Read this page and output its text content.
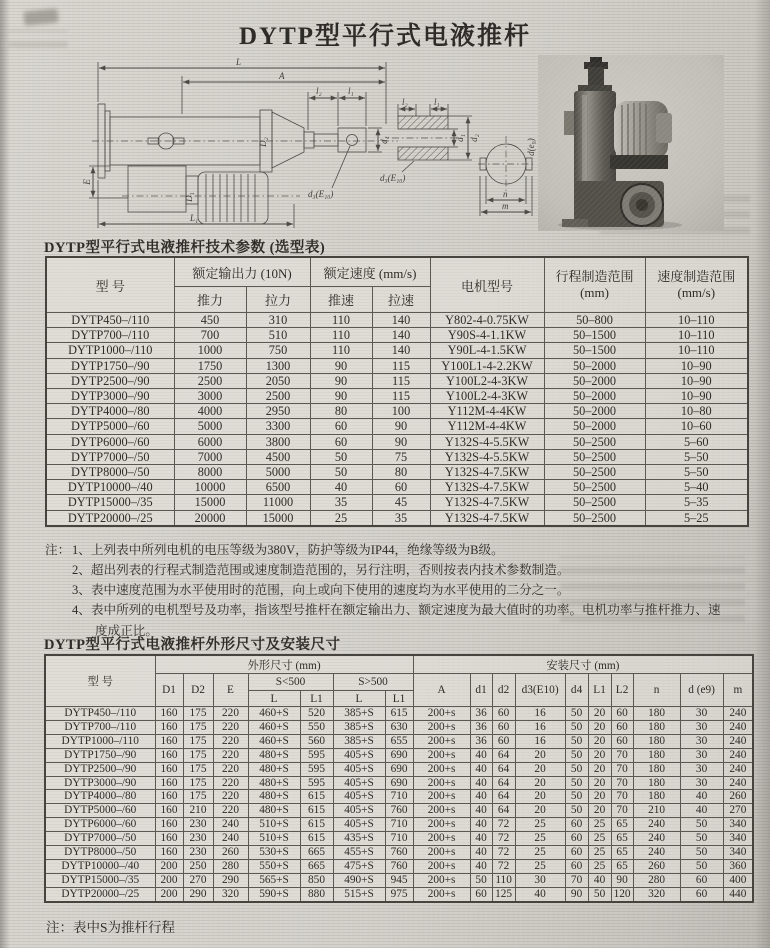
DYTP型平行式电液推杆
L
A
l₂	l₁
d₄
d₃(E₁₀)
D₂
D₁
E
L₁
l₂	l₁
d₁ d₂
d₃(E₁₀)
n
m
d(e₉)
DYTP型平行式电液推杆技术参数 (选型表)
型 号	额定输出力 (10N)	额定速度 (mm/s)	电机型号	
行程制造范围
(mm)

速度制造范围
(mm/s)

	推力	拉力	推速	拉速			
DYTP450–/110	450	310	110	140	Y802-4-0.75KW	50–800	10–110
DYTP700–/110	700	510	110	140	Y90S-4-1.1KW	50–1500	10–110
DYTP1000–/110	1000	750	110	140	Y90L-4-1.5KW	50–1500	10–110
DYTP1750–/90	1750	1300	90	115	Y100L1-4-2.2KW	50–2000	10–90
DYTP2500–/90	2500	2050	90	115	Y100L2-4-3KW	50–2000	10–90
DYTP3000–/90	3000	2500	90	115	Y100L2-4-3KW	50–2000	10–90
DYTP4000–/80	4000	2950	80	100	Y112M-4-4KW	50–2000	10–80
DYTP5000–/60	5000	3300	60	90	Y112M-4-4KW	50–2000	10–60
DYTP6000–/60	6000	3800	60	90	Y132S-4-5.5KW	50–2500	5–60
DYTP7000–/50	7000	4500	50	75	Y132S-4-5.5KW	50–2500	5–50
DYTP8000–/50	8000	5000	50	80	Y132S-4-7.5KW	50–2500	5–50
DYTP10000–/40	10000	6500	40	60	Y132S-4-7.5KW	50–2500	5–40
DYTP15000–/35	15000	11000	35	45	Y132S-4-7.5KW	50–2500	5–35
DYTP20000–/25	20000	15000	25	35	Y132S-4-7.5KW	50–2500	5–25
注： 1、上列表中所列电机的电压等级为380V，防护等级为IP44，绝缘等级为B级。
2、超出列表的行程式制造范围或速度制造范围的，另行注明，否则按表内技术参数制造。
3、表中速度范围为水平使用时的范围，向上或向下使用的速度均为水平使用的二分之一。
4、表中所列的电机型号及功率，指该型号推杆在额定输出力、额定速度为最大值时的功率。电机功率与推杆推力、速度成正比。
DYTP型平行式电液推杆外形尺寸及安装尺寸
型 号	外形尺寸 (mm)							安装尺寸 (mm)									
	D1	D2	E	S<500		S>500		A	d1	d2	d3(E10)	d4	L1	L2	n	d (e9)	m
				L	L1	L	L1										
DYTP450–/110	160	175	220	460+S	520	385+S	615	200+s	36	60	16	50	20	60	180	30	240
DYTP700–/110	160	175	220	460+S	550	385+S	630	200+s	36	60	16	50	20	60	180	30	240
DYTP1000–/110	160	175	220	460+S	560	385+S	655	200+s	36	60	16	50	20	60	180	30	240
DYTP1750–/90	160	175	220	480+S	595	405+S	690	200+s	40	64	20	50	20	70	180	30	240
DYTP2500–/90	160	175	220	480+S	595	405+S	690	200+s	40	64	20	50	20	70	180	30	240
DYTP3000–/90	160	175	220	480+S	595	405+S	690	200+s	40	64	20	50	20	70	180	30	240
DYTP4000–/80	160	175	220	480+S	615	405+S	710	200+s	40	64	20	50	20	70	180	40	260
DYTP5000–/60	160	210	220	480+S	615	405+S	760	200+s	40	64	20	50	20	70	210	40	270
DYTP6000–/60	160	230	240	510+S	615	405+S	710	200+s	40	72	25	60	25	65	240	50	340
DYTP7000–/50	160	230	240	510+S	615	435+S	710	200+s	40	72	25	60	25	65	240	50	340
DYTP8000–/50	160	230	260	530+S	665	455+S	760	200+s	40	72	25	60	25	65	240	50	340
DYTP10000–/40	200	250	280	550+S	665	475+S	760	200+s	40	72	25	60	25	65	260	50	360
DYTP15000–/35	200	270	290	565+S	850	490+S	945	200+s	50	110	30	70	40	90	280	60	400
DYTP20000–/25	200	290	320	590+S	880	515+S	975	200+s	60	125	40	90	50	120	320	60	440
注：表中S为推杆行程
